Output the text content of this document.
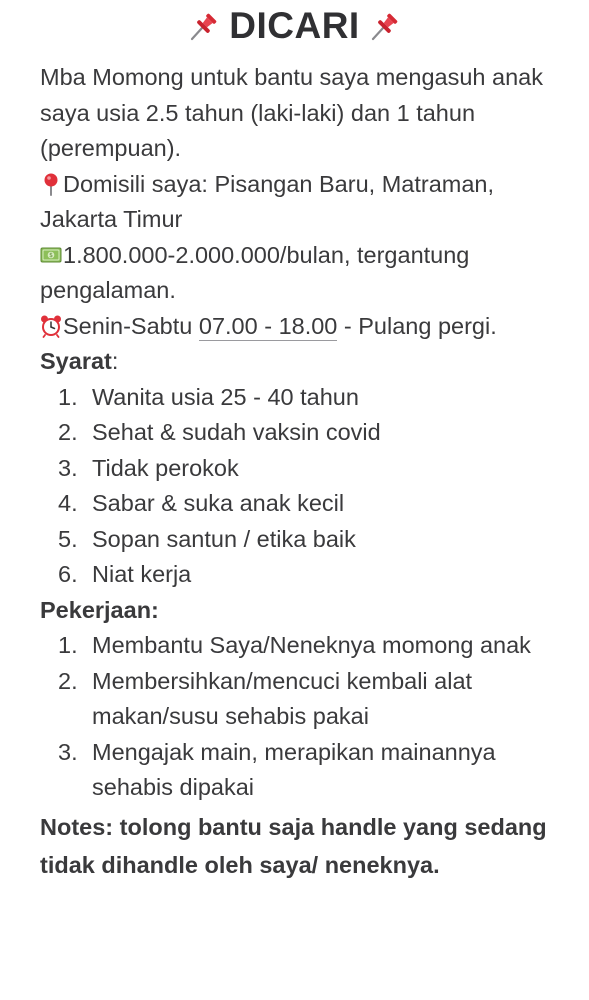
DICARI

Mba Momong untuk bantu saya mengasuh anak saya usia 2.5 tahun (laki-laki) dan 1 tahun (perempuan).

Domisili saya: Pisangan Baru, Matraman, Jakarta Timur

$ 1.800.000-2.000.000/bulan, tergantung pengalaman.

Senin-Sabtu 07.00 - 18.00 - Pulang pergi.

Syarat:

1. Wanita usia 25 - 40 tahun
2. Sehat & sudah vaksin covid
3. Tidak perokok
4. Sabar & suka anak kecil
5. Sopan santun / etika baik
6. Niat kerja

Pekerjaan:

1. Membantu Saya/Neneknya momong anak
2. Membersihkan/mencuci kembali alat makan/susu sehabis pakai
3. Mengajak main, merapikan mainannya sehabis dipakai

Notes: tolong bantu saja handle yang sedang tidak dihandle oleh saya/ neneknya.
